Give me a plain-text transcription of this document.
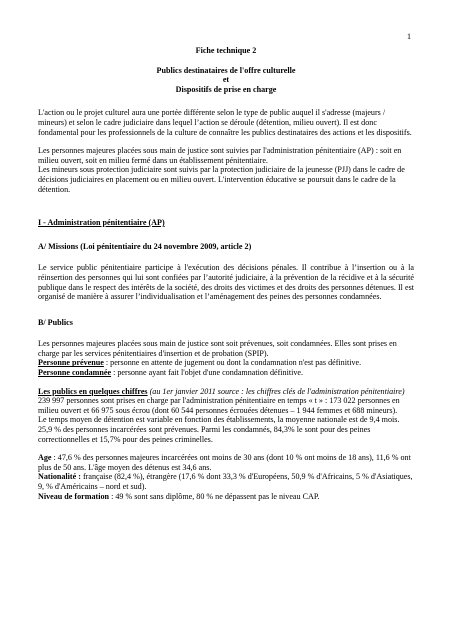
1

Fiche technique 2

Publics destinataires de l'offre culturelle

et

Dispositifs de prise en charge

L'action ou le projet culturel aura une portée différente selon le type de public auquel il s'adresse (majeurs / mineurs) et selon le cadre judiciaire dans lequel l’action se déroule (détention, milieu ouvert). Il est donc fondamental pour les professionnels de la culture de connaître les publics destinataires des actions et les dispositifs.

Les personnes majeures placées sous main de justice sont suivies par l'administration pénitentiaire (AP) : soit en milieu ouvert, soit en milieu fermé dans un établissement pénitentiaire.

Les mineurs sous protection judiciaire sont suivis par la protection judiciaire de la jeunesse (PJJ) dans le cadre de décisions judiciaires en placement ou en milieu ouvert. L'intervention éducative se poursuit dans le cadre de la détention.

I - Administration pénitentiaire (AP)

A/ Missions (Loi pénitentiaire du 24 novembre 2009, article 2)

Le service public pénitentiaire participe à l'exécution des décisions pénales. Il contribue à l’insertion ou à la réinsertion des personnes qui lui sont confiées par l’autorité judiciaire, à la prévention de la récidive et à la sécurité publique dans le respect des intérêts de la société, des droits des victimes et des droits des personnes détenues. Il est organisé de manière à assurer l’individualisation et l’aménagement des peines des personnes condamnées.

B/ Publics

Les personnes majeures placées sous main de justice sont soit prévenues, soit condamnées. Elles sont prises en charge par les services pénitentiaires d'insertion et de probation (SPIP).

Personne prévenue : personne en attente de jugement ou dont la condamnation n'est pas définitive.

Personne condamnée : personne ayant fait l'objet d'une condamnation définitive.

Les publics en quelques chiffres (au 1er janvier 2011 source : les chiffres clés de l'administration pénitentiaire)

239 997 personnes sont prises en charge par l'administration pénitentiaire en temps « t » : 173 022 personnes en milieu ouvert et 66 975 sous écrou (dont 60 544 personnes écrouées détenues – 1 944 femmes et 688 mineurs).

Le temps moyen de détention est variable en fonction des établissements, la moyenne nationale est de 9,4 mois.

25,9 % des personnes incarcérées sont prévenues. Parmi les condamnés, 84,3% le sont pour des peines correctionnelles et 15,7% pour des peines criminelles.

Age : 47,6 % des personnes majeures incarcérées ont moins de 30 ans (dont 10 % ont moins de 18 ans), 11,6 % ont plus de 50 ans. L'âge moyen des détenus est 34,6 ans.

Nationalité : française (82,4 %), étrangère (17,6 % dont 33,3 % d'Européens, 50,9 % d'Africains, 5 % d'Asiatiques, 9, % d'Américains – nord et sud).

Niveau de formation : 49 % sont sans diplôme, 80 % ne dépassent pas le niveau CAP.
